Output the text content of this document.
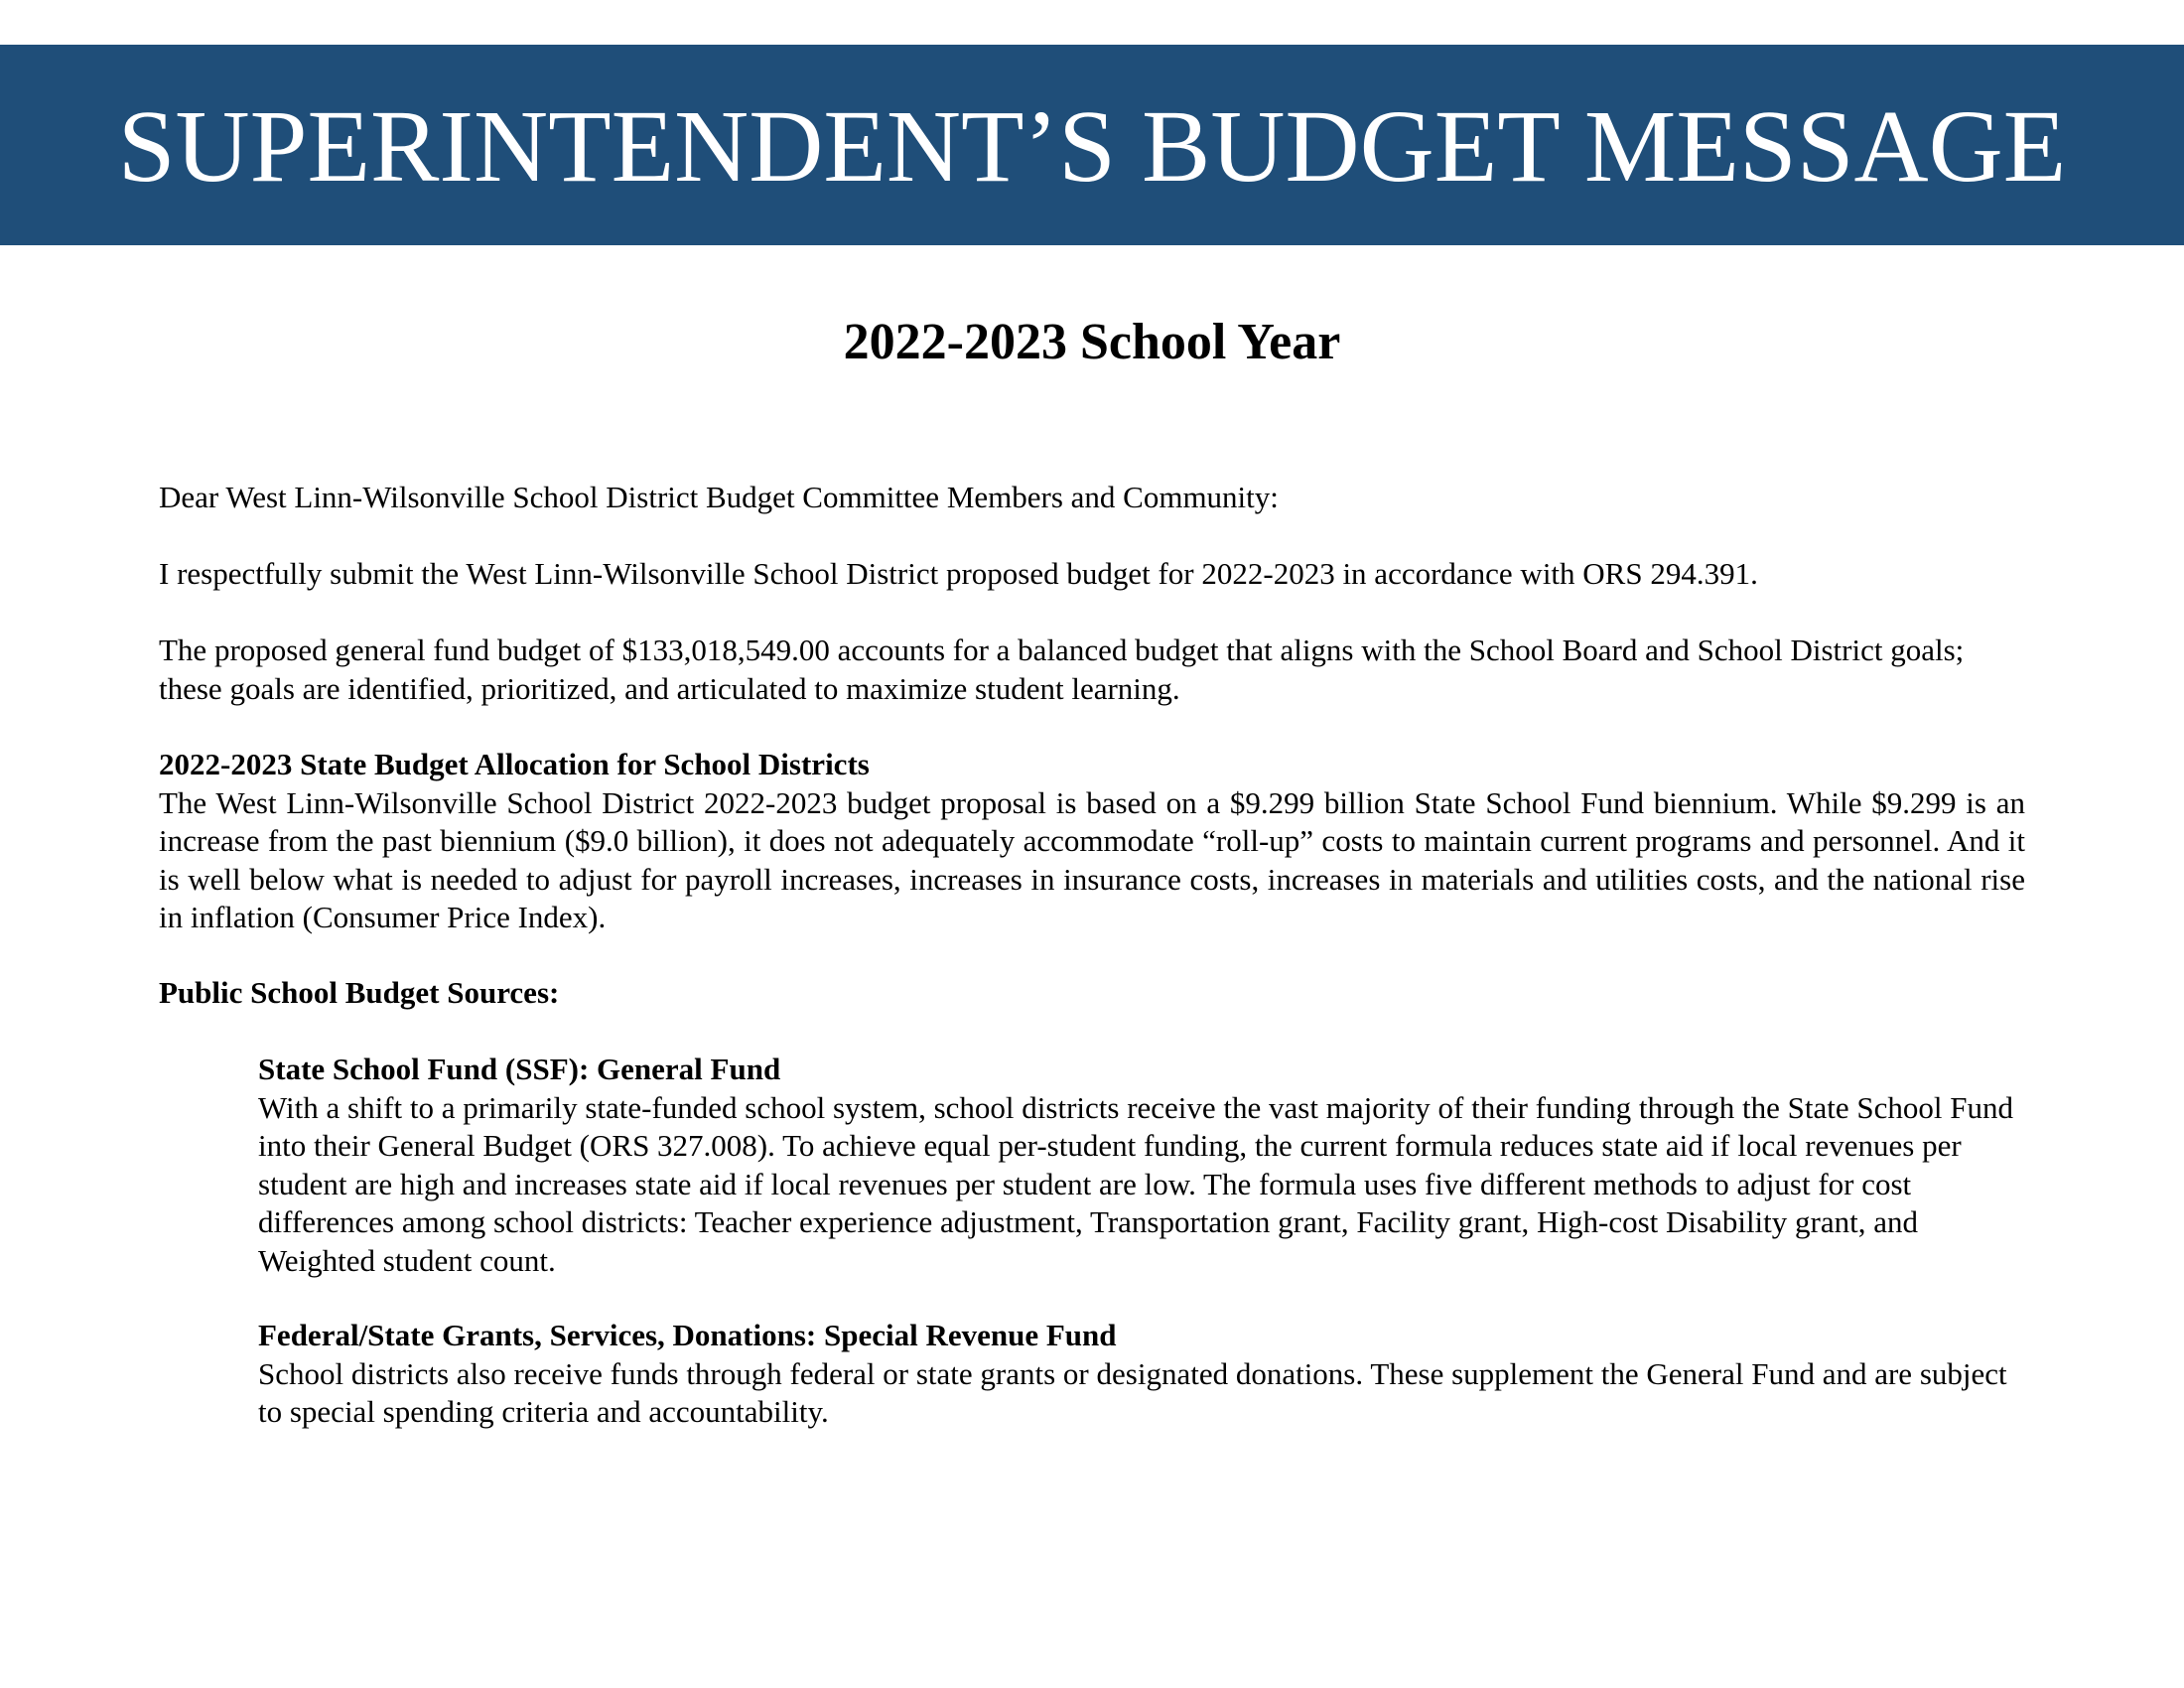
SUPERINTENDENT’S BUDGET MESSAGE
2022-2023 School Year

Dear West Linn-Wilsonville School District Budget Committee Members and Community:

I respectfully submit the West Linn-Wilsonville School District proposed budget for 2022-2023 in accordance with ORS 294.391.

The proposed general fund budget of $133,018,549.00 accounts for a balanced budget that aligns with the School Board and School District goals; these goals are identified, prioritized, and articulated to maximize student learning.

2022-2023 State Budget Allocation for School Districts

The West Linn-Wilsonville School District 2022-2023 budget proposal is based on a $9.299 billion State School Fund biennium. While $9.299 is an increase from the past biennium ($9.0 billion), it does not adequately accommodate “roll-up” costs to maintain current programs and personnel. And it is well below what is needed to adjust for payroll increases, increases in insurance costs, increases in materials and utilities costs, and the national rise in inflation (Consumer Price Index).

Public School Budget Sources:

State School Fund (SSF): General Fund

With a shift to a primarily state-funded school system, school districts receive the vast majority of their funding through the State School Fund into their General Budget (ORS 327.008). To achieve equal per-student funding, the current formula reduces state aid if local revenues per student are high and increases state aid if local revenues per student are low. The formula uses five different methods to adjust for cost differences among school districts: Teacher experience adjustment, Transportation grant, Facility grant, High-cost Disability grant, and Weighted student count.

Federal/State Grants, Services, Donations: Special Revenue Fund

School districts also receive funds through federal or state grants or designated donations. These supplement the General Fund and are subject to special spending criteria and accountability.
